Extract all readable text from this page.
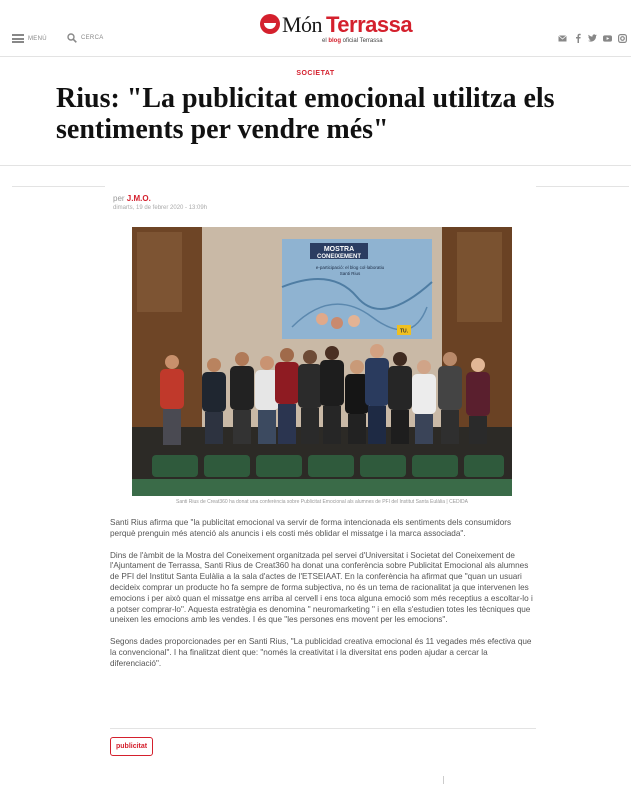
Món Terrassa
el blog oficial Terrassa
MENÚ	CERCA
SOCIETAT
Rius: "La publicitat emocional utilitza els sentiments per vendre més"
per J.M.O.
dimarts, 19 de febrer 2020 - 13:09h
MOSTRA
CONEIXEMENT
e-participació: el blog col·laboratiu
Santi Rius
TU.
Santi Rius de Creat360 ha donat una conferència sobre Publicitat Emocional als alumnes de PFI del Institut Santa Eulàlia | CEDIDA

Santi Rius afirma que "la publicitat emocional va servir de forma intencionada els sentiments dels consumidors perquè prenguin més atenció als anuncis i els costi més oblidar el missatge i la marca associada".

Dins de l'àmbit de la Mostra del Coneixement organitzada pel servei d'Universitat i Societat del Coneixement de l'Ajuntament de Terrassa, Santi Rius de Creat360 ha donat una conferència sobre Publicitat Emocional als alumnes de PFI del Institut Santa Eulàlia a la sala d'actes de l'ETSEIAAT. En la conferència ha afirmat que "quan un usuari decideix comprar un producte ho fa sempre de forma subjectiva, no és un tema de racionalitat ja que intervenen les emocions i per això quan el missatge ens arriba al cervell i ens toca alguna emoció som més receptius a escoltar-lo i a potser comprar-lo". Aquesta estratègia es denomina " neuromarketing " i en ella s'estudien totes les tècniques que uneixen les emocions amb les vendes. I és que "les persones ens movent per les emocions".

Segons dades proporcionades per en Santi Rius, "La publicidad creativa emocional és 11 vegades més efectiva que la convencional". I ha finalitzat dient que: "només la creativitat i la diversitat ens poden ajudar a cercar la diferenciació".

publicitat
